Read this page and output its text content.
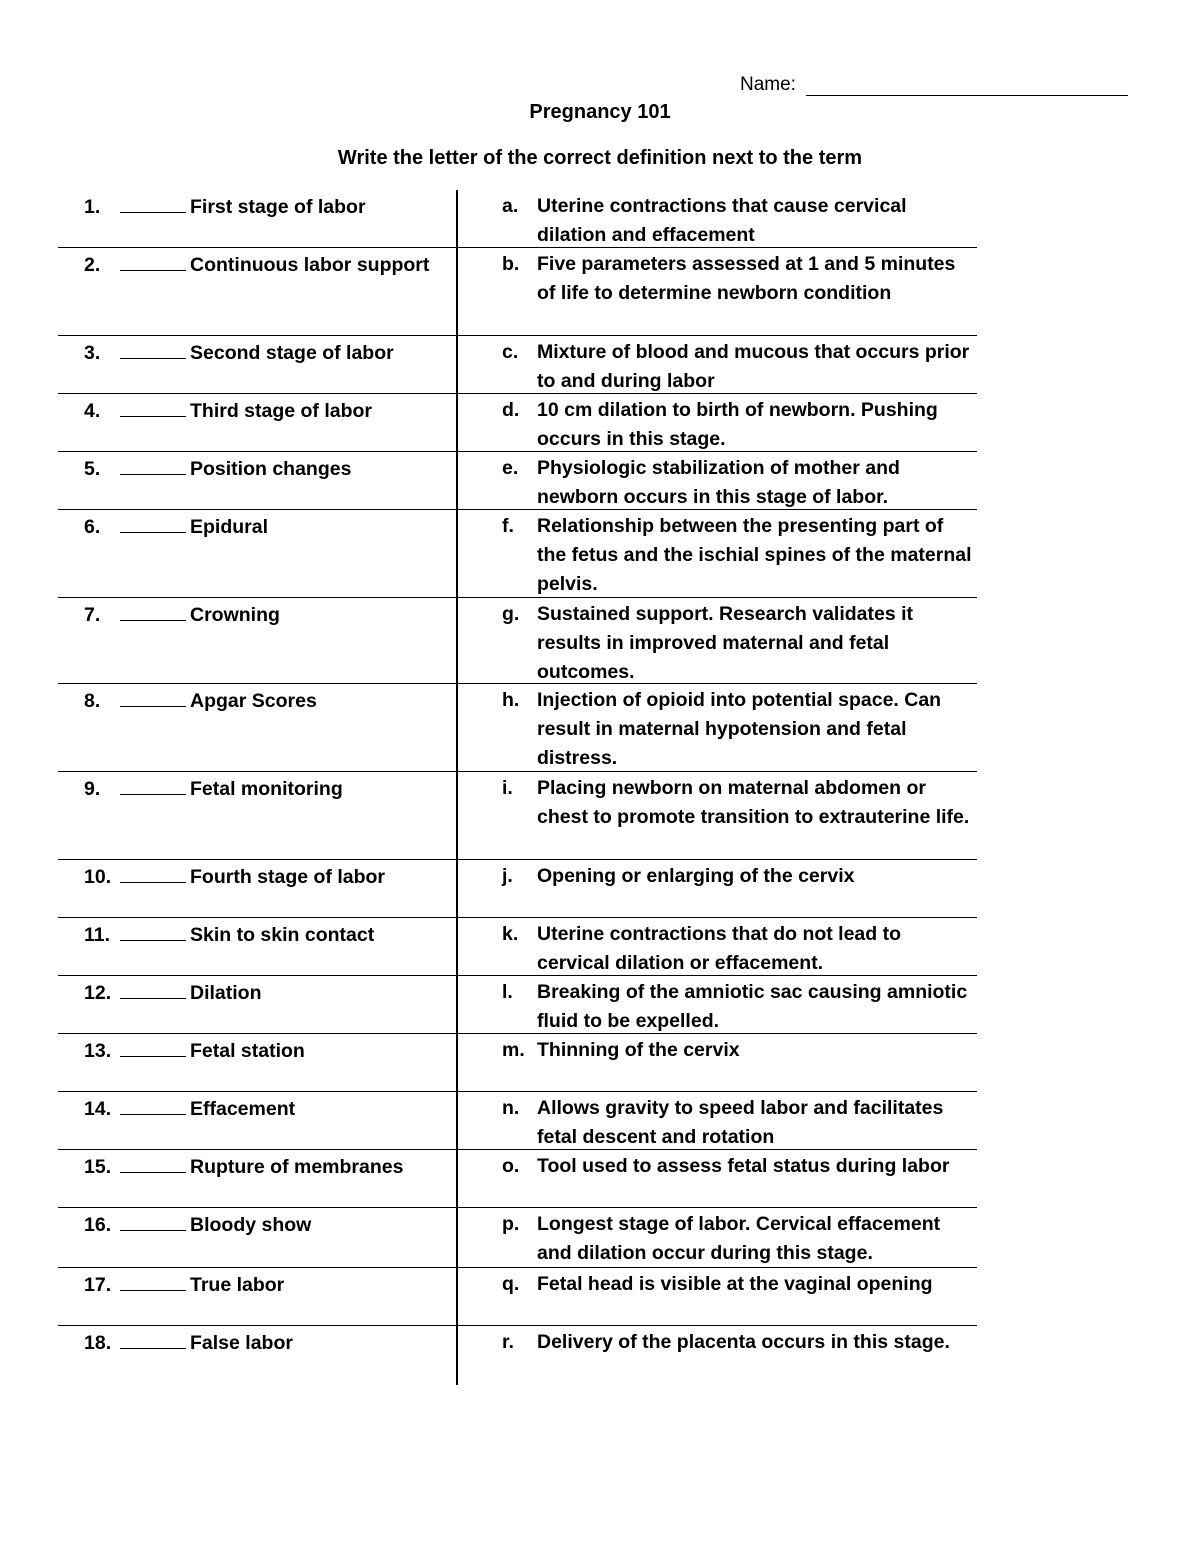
Name:
Pregnancy 101
Write the letter of the correct definition next to the term
1.	First stage of labor	a. Uterine contractions that cause cervical dilation and effacement
2.	Continuous labor support	b. Five parameters assessed at 1 and 5 minutes of life to determine newborn condition
3.	Second stage of labor	c. Mixture of blood and mucous that occurs prior to and during labor
4.	Third stage of labor	d. 10 cm dilation to birth of newborn. Pushing occurs in this stage.
5.	Position changes	e. Physiologic stabilization of mother and newborn occurs in this stage of labor.
6.	Epidural	f.	Relationship between the presenting part of the fetus and the ischial spines of the maternal pelvis.
7.	Crowning	g. Sustained support. Research validates it results in improved maternal and fetal outcomes.
8.	Apgar Scores	h. Injection of opioid into potential space. Can result in maternal hypotension and fetal distress.
9.	Fetal monitoring	i.	Placing newborn on maternal abdomen or chest to promote transition to extrauterine life.
10.	Fourth stage of labor	j.	Opening or enlarging of the cervix
11.	Skin to skin contact	k. Uterine contractions that do not lead to cervical dilation or effacement.
12.	Dilation	l.	Breaking of the amniotic sac causing amniotic fluid to be expelled.
13.	Fetal station	m. Thinning of the cervix
14.	Effacement	n. Allows gravity to speed labor and facilitates fetal descent and rotation
15.	Rupture of membranes	o. Tool used to assess fetal status during labor
16.	Bloody show	p. Longest stage of labor. Cervical effacement and dilation occur during this stage.
17.	True labor	q. Fetal head is visible at the vaginal opening
18.	False labor	r.	Delivery of the placenta occurs in this stage.
